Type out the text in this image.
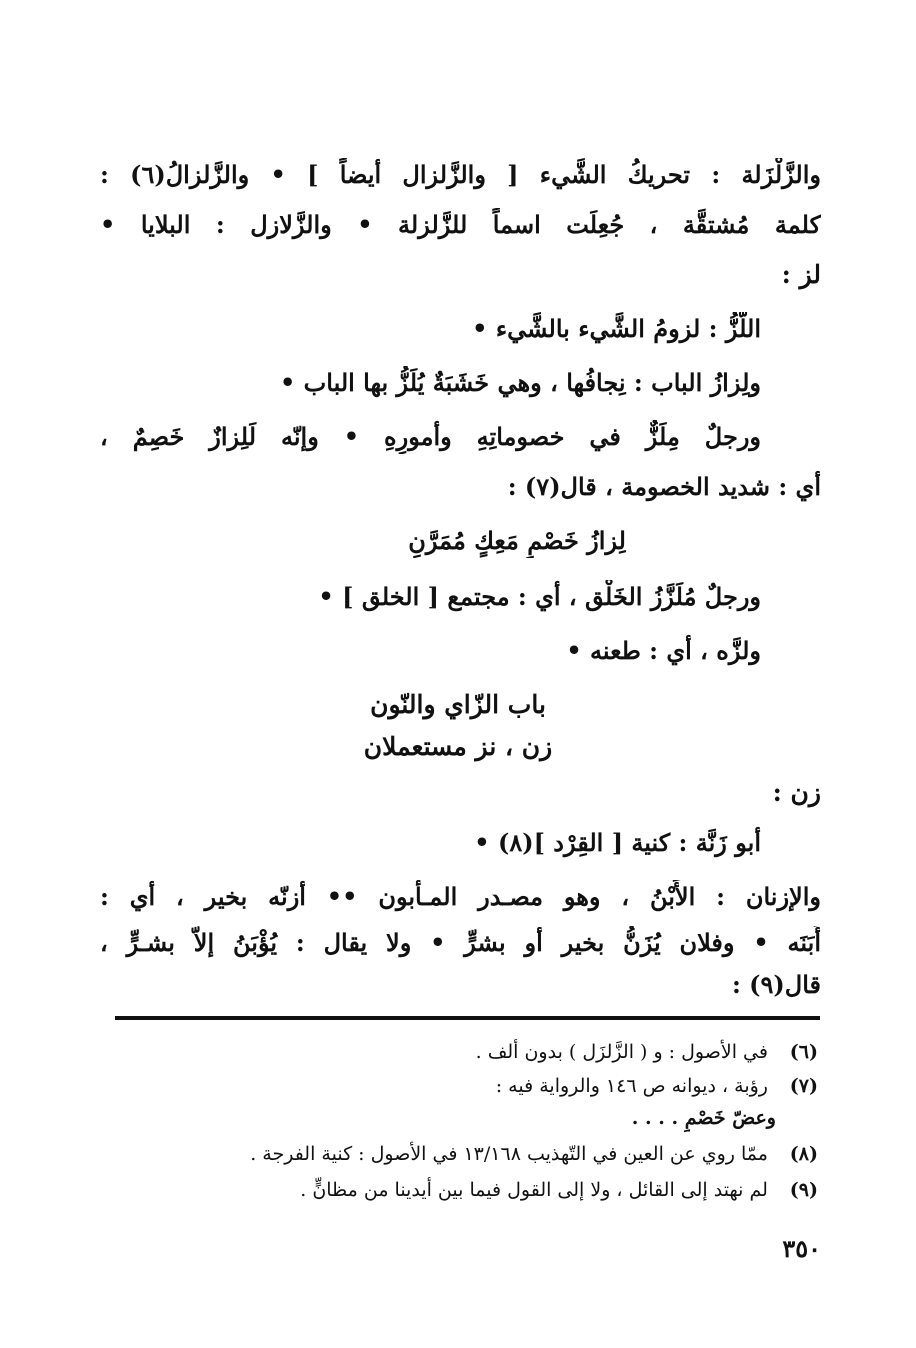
والزَّلْزَلة : تحريكُ الشَّيء [ والزَّلزال أيضاً ] • والزَّلزالُ(٦) :
كلمة مُشتقَّة ، جُعِلَت اسماً للزَّلزلة • والزَّلازل : البلايا •
لز :
اللَّزُّ : لزومُ الشَّيء بالشَّيء •
ولِزازُ الباب : نِجافُها ، وهي خَشَبَةٌ يُلَزُّ بها الباب •
ورجلٌ مِلَزٌّ في خصوماتِهِ وأمورِهِ • وإنّه لَلِزازٌ خَصِمٌ ،
أي : شديد الخصومة ، قال(٧) :
لِزازُ خَصْمٍ مَعِكٍ مُمَرَّنِ
ورجلٌ مُلَزَّزُ الخَلْق ، أي : مجتمع [ الخلق ] •
ولزَّه ، أي : طعنه •
باب الزّاي والنّون
زن ، نز مستعملان
زن :
أبو زَنَّة : كنية [ القِرْد ](٨) •
والإزنان : الأَبْنُ ، وهو مصـدر المـأبون •• أزنّه بخير ، أي :
أَبَنَه • وفلان يُزَنُّ بخير أو بشرٍّ • ولا يقال : يُؤْبَنُ إلاّ بشـرٍّ ،
قال(٩) :
(٦) في الأصول : و ( الزَّلزَل ) بدون ألف .
(٧) رؤبة ، ديوانه ص ١٤٦ والرواية فيه :
وعضّ خَصْمٍ . . . .
(٨) ممّا روي عن العين في التّهذيب ١٣/١٦٨ في الأصول : كنية الفرجة .
(٩) لم نهتد إلى القائل ، ولا إلى القول فيما بين أيدينا من مظانٍّ .
٣٥٠
